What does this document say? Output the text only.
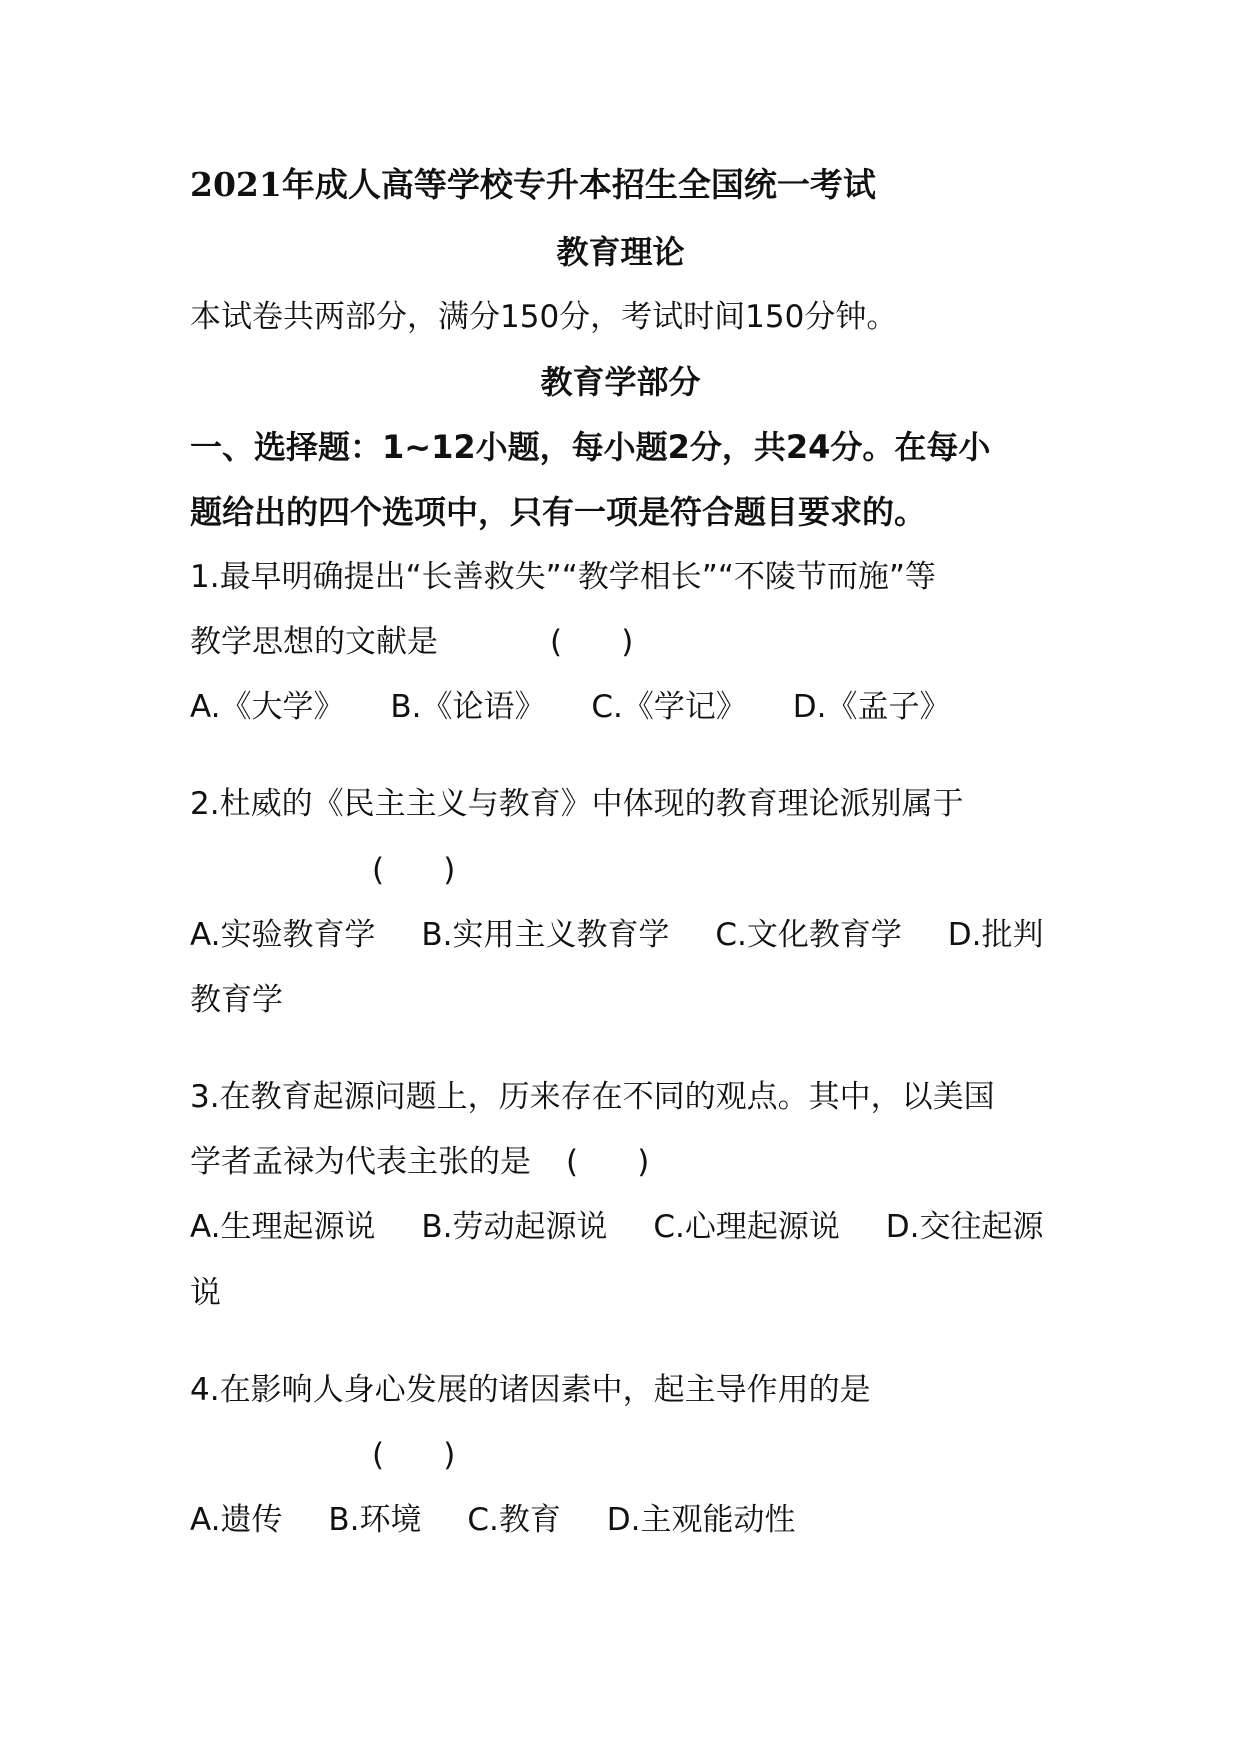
2021年成人高等学校专升本招生全国统一考试
教育理论
本试卷共两部分，满分150分，考试时间150分钟。
教育学部分
一、选择题：1~12小题，每小题2分，共24分。在每小
题给出的四个选项中，只有一项是符合题目要求的。
1.最早明确提出“长善救失”“教学相长”“不陵节而施”等
教学思想的文献是	(      )
A.《大学》 B.《论语》 C.《学记》 D.《孟子》
2.杜威的《民主主义与教育》中体现的教育理论派别属于
(      )
A.实验教育学 B.实用主义教育学 C.文化教育学 D.批判
教育学
3.在教育起源问题上，历来存在不同的观点。其中，以美国
学者孟禄为代表主张的是 (      )
A.生理起源说 B.劳动起源说 C.心理起源说 D.交往起源
说
4.在影响人身心发展的诸因素中，起主导作用的是
(      )
A.遗传 B.环境 C.教育 D.主观能动性
